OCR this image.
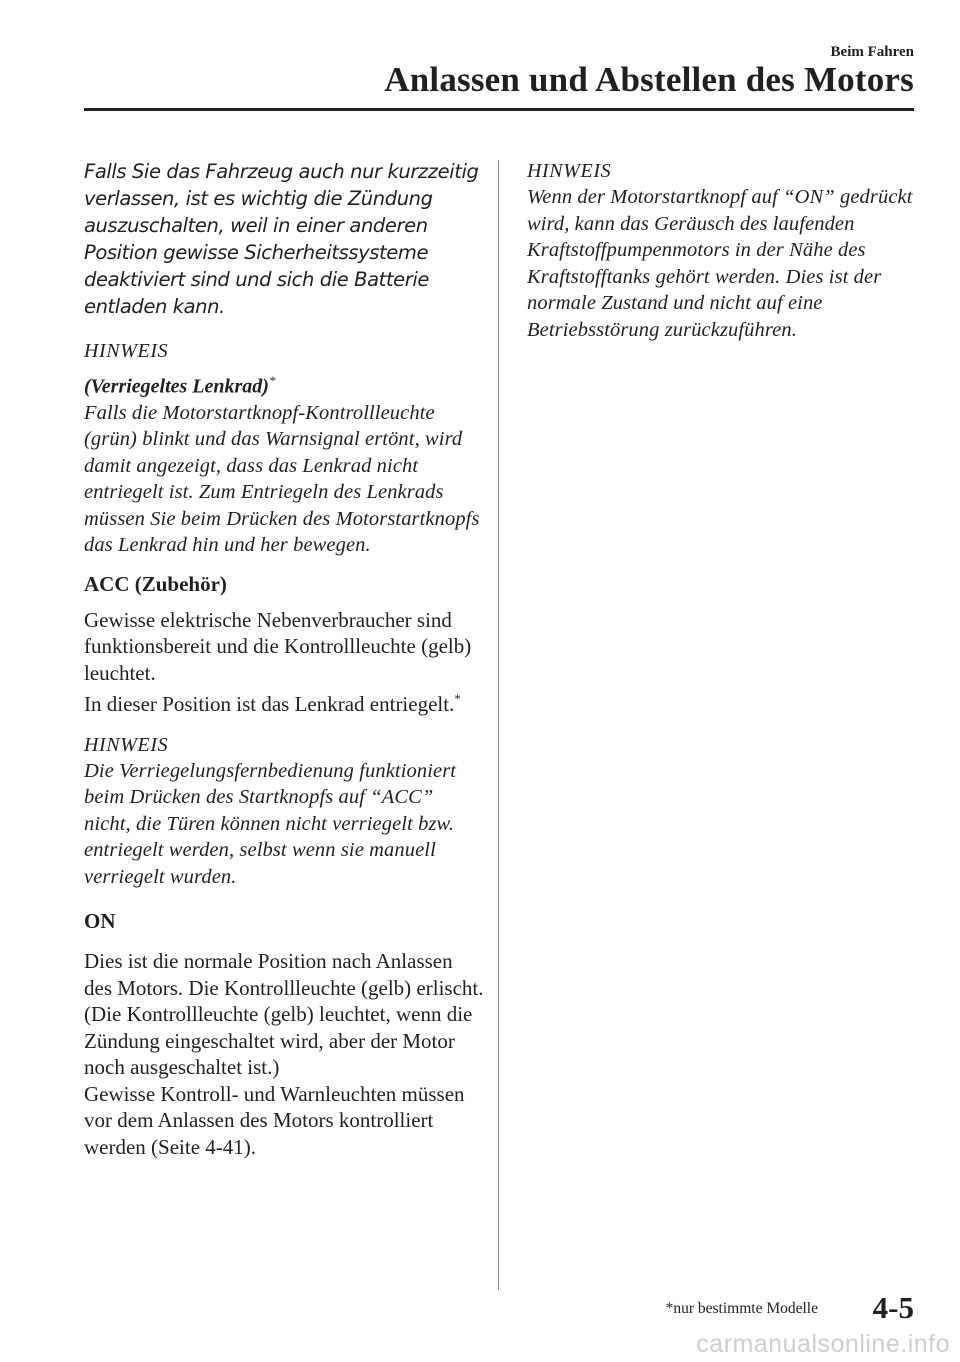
Beim Fahren
Anlassen und Abstellen des Motors

Falls Sie das Fahrzeug auch nur kurzzeitig verlassen, ist es wichtig die Zündung auszuschalten, weil in einer anderen Position gewisse Sicherheitssysteme deaktiviert sind und sich die Batterie entladen kann.

HINWEIS

(Verriegeltes Lenkrad)*

Falls die Motorstartknopf-Kontrollleuchte (grün) blinkt und das Warnsignal ertönt, wird damit angezeigt, dass das Lenkrad nicht entriegelt ist. Zum Entriegeln des Lenkrads müssen Sie beim Drücken des Motorstartknopfs das Lenkrad hin und her bewegen.

ACC (Zubehör)

Gewisse elektrische Nebenverbraucher sind funktionsbereit und die Kontrollleuchte (gelb) leuchtet.

In dieser Position ist das Lenkrad entriegelt.*

HINWEIS

Die Verriegelungsfernbedienung funktioniert beim Drücken des Startknopfs auf “ACC” nicht, die Türen können nicht verriegelt bzw. entriegelt werden, selbst wenn sie manuell verriegelt wurden.

ON

Dies ist die normale Position nach Anlassen des Motors. Die Kontrollleuchte (gelb) erlischt. (Die Kontrollleuchte (gelb) leuchtet, wenn die Zündung eingeschaltet wird, aber der Motor noch ausgeschaltet ist.)

Gewisse Kontroll- und Warnleuchten müssen vor dem Anlassen des Motors kontrolliert werden (Seite 4-41).

HINWEIS

Wenn der Motorstartknopf auf “ON” gedrückt wird, kann das Geräusch des laufenden Kraftstoffpumpenmotors in der Nähe des Kraftstofftanks gehört werden. Dies ist der normale Zustand und nicht auf eine Betriebsstörung zurückzuführen.

*nur bestimmte Modelle 4-5
carmanualsonline.info
